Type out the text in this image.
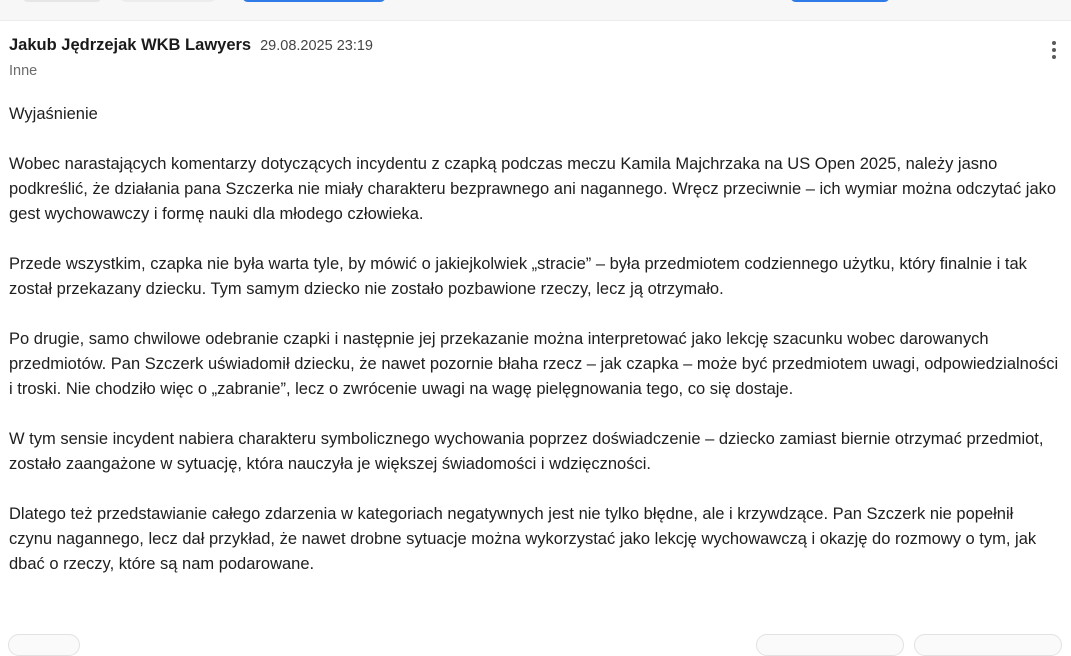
Jakub Jędrzejak WKB Lawyers 29.08.2025 23:19
Inne

Wyjaśnienie

Wobec narastających komentarzy dotyczących incydentu z czapką podczas meczu Kamila Majchrzaka na US Open 2025, należy jasno podkreślić, że działania pana Szczerka nie miały charakteru bezprawnego ani nagannego. Wręcz przeciwnie – ich wymiar można odczytać jako gest wychowawczy i formę nauki dla młodego człowieka.

Przede wszystkim, czapka nie była warta tyle, by mówić o jakiejkolwiek „stracie” – była przedmiotem codziennego użytku, który finalnie i tak został przekazany dziecku. Tym samym dziecko nie zostało pozbawione rzeczy, lecz ją otrzymało.

Po drugie, samo chwilowe odebranie czapki i następnie jej przekazanie można interpretować jako lekcję szacunku wobec darowanych przedmiotów. Pan Szczerk uświadomił dziecku, że nawet pozornie błaha rzecz – jak czapka – może być przedmiotem uwagi, odpowiedzialności i troski. Nie chodziło więc o „zabranie”, lecz o zwrócenie uwagi na wagę pielęgnowania tego, co się dostaje.

W tym sensie incydent nabiera charakteru symbolicznego wychowania poprzez doświadczenie – dziecko zamiast biernie otrzymać przedmiot, zostało zaangażone w sytuację, która nauczyła je większej świadomości i wdzięczności.

Dlatego też przedstawianie całego zdarzenia w kategoriach negatywnych jest nie tylko błędne, ale i krzywdzące. Pan Szczerk nie popełnił czynu nagannego, lecz dał przykład, że nawet drobne sytuacje można wykorzystać jako lekcję wychowawczą i okazję do rozmowy o tym, jak dbać o rzeczy, które są nam podarowane.
